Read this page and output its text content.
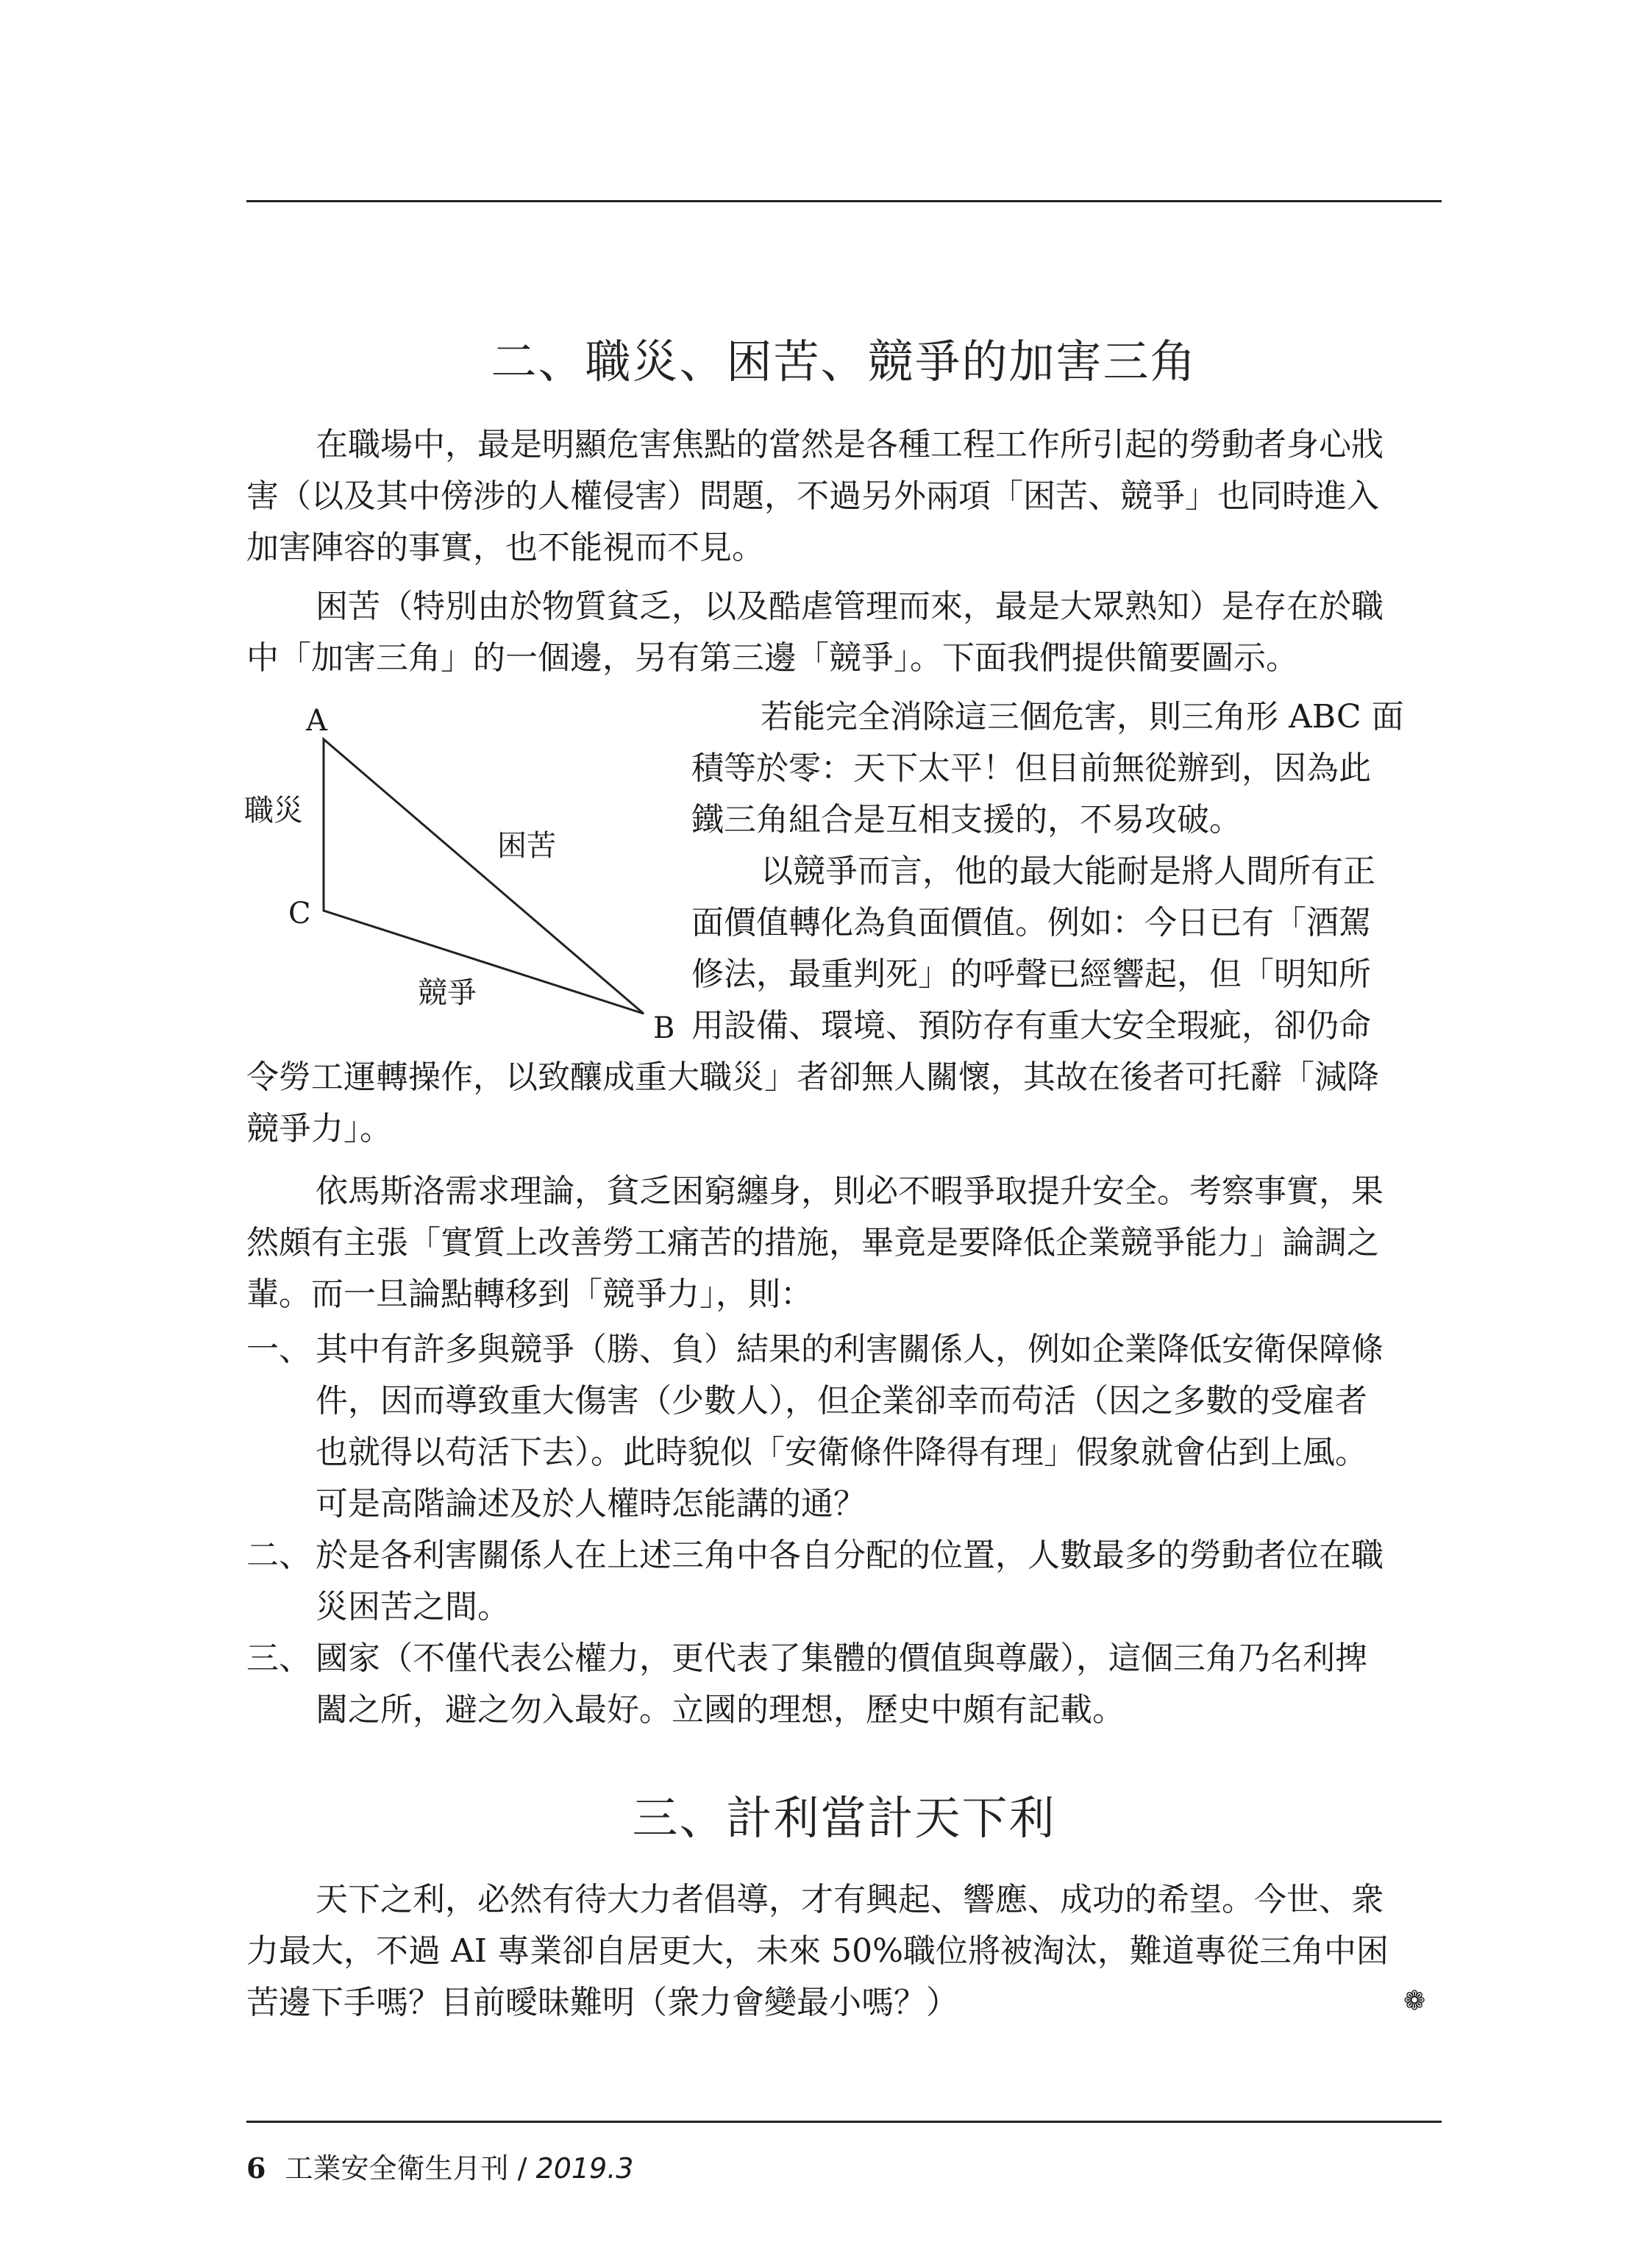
二、職災、困苦、競爭的加害三角
在職場中，最是明顯危害焦點的當然是各種工程工作所引起的勞動者身心戕
害（以及其中傍涉的人權侵害）問題，不過另外兩項「困苦、競爭」也同時進入
加害陣容的事實，也不能視而不見。
困苦（特別由於物質貧乏，以及酷虐管理而來，最是大眾熟知）是存在於職
中「加害三角」的一個邊，另有第三邊「競爭」。下面我們提供簡要圖示。
A
C
B
職災
困苦
競爭
若能完全消除這三個危害，則三角形 ABC 面
積等於零：天下太平！但目前無從辦到，因為此
鐵三角組合是互相支援的，不易攻破。
以競爭而言，他的最大能耐是將人間所有正
面價值轉化為負面價值。例如：今日已有「酒駕
修法，最重判死」的呼聲已經響起，但「明知所
用設備、環境、預防存有重大安全瑕疵，卻仍命
令勞工運轉操作，以致釀成重大職災」者卻無人關懷，其故在後者可托辭「減降
競爭力」。
依馬斯洛需求理論，貧乏困窮纏身，則必不暇爭取提升安全。考察事實，果
然頗有主張「實質上改善勞工痛苦的措施，畢竟是要降低企業競爭能力」論調之
輩。而一旦論點轉移到「競爭力」，則：
一、 其中有許多與競爭（勝、負）結果的利害關係人，例如企業降低安衛保障條
件，因而導致重大傷害（少數人），但企業卻幸而苟活（因之多數的受雇者
也就得以苟活下去）。此時貌似「安衛條件降得有理」假象就會佔到上風。
可是高階論述及於人權時怎能講的通？
二、 於是各利害關係人在上述三角中各自分配的位置，人數最多的勞動者位在職
災困苦之間。
三、 國家（不僅代表公權力，更代表了集體的價值與尊嚴），這個三角乃名利捭
闔之所，避之勿入最好。立國的理想，歷史中頗有記載。
三、計利當計天下利
天下之利，必然有待大力者倡導，才有興起、響應、成功的希望。今世、衆
力最大，不過 AI 專業卻自居更大，未來 50%職位將被淘汰，難道專從三角中困
苦邊下手嗎？目前曖昧難明（衆力會變最小嗎？）	❁
6 工業安全衛生月刊 / 2019.3
